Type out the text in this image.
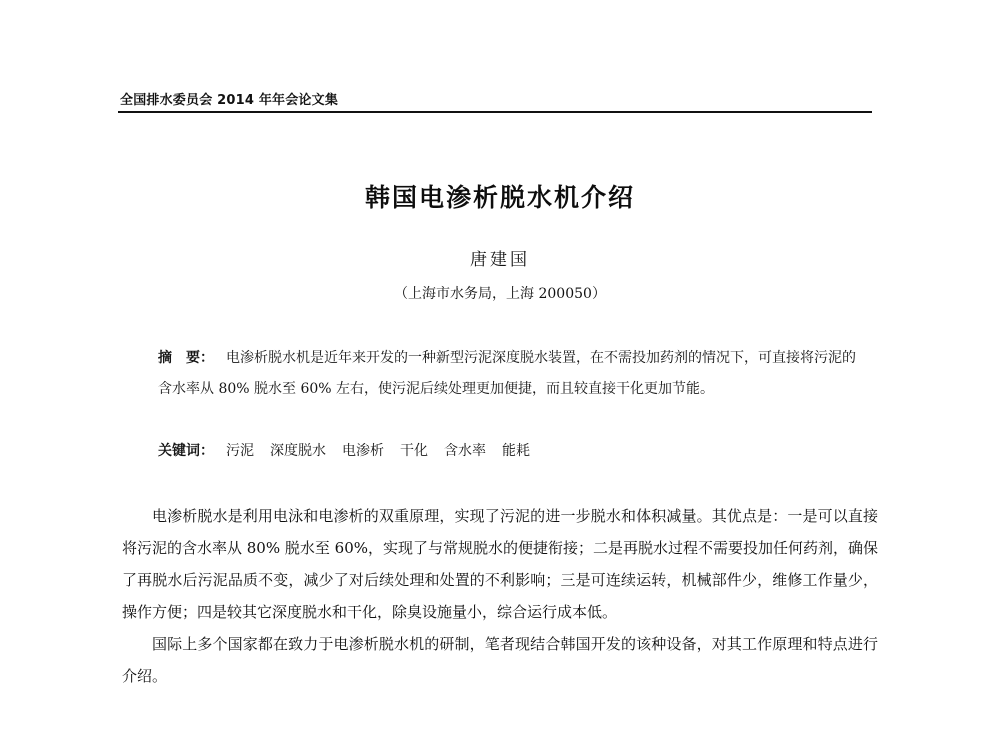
全国排水委员会 2014 年年会论文集
韩国电渗析脱水机介绍
唐建国
（上海市水务局，上海 200050）

摘　要： 电渗析脱水机是近年来开发的一种新型污泥深度脱水装置，在不需投加药剂的情况下，可直接将污泥的含水率从 80% 脱水至 60% 左右，使污泥后续处理更加便捷，而且较直接干化更加节能。

关键词： 污泥 深度脱水 电渗析 干化 含水率 能耗

电渗析脱水是利用电泳和电渗析的双重原理，实现了污泥的进一步脱水和体积减量。其优点是：一是可以直接将污泥的含水率从 80% 脱水至 60%，实现了与常规脱水的便捷衔接；二是再脱水过程不需要投加任何药剂，确保了再脱水后污泥品质不变，减少了对后续处理和处置的不利影响；三是可连续运转，机械部件少，维修工作量少，操作方便；四是较其它深度脱水和干化，除臭设施量小，综合运行成本低。

国际上多个国家都在致力于电渗析脱水机的研制，笔者现结合韩国开发的该种设备，对其工作原理和特点进行介绍。
